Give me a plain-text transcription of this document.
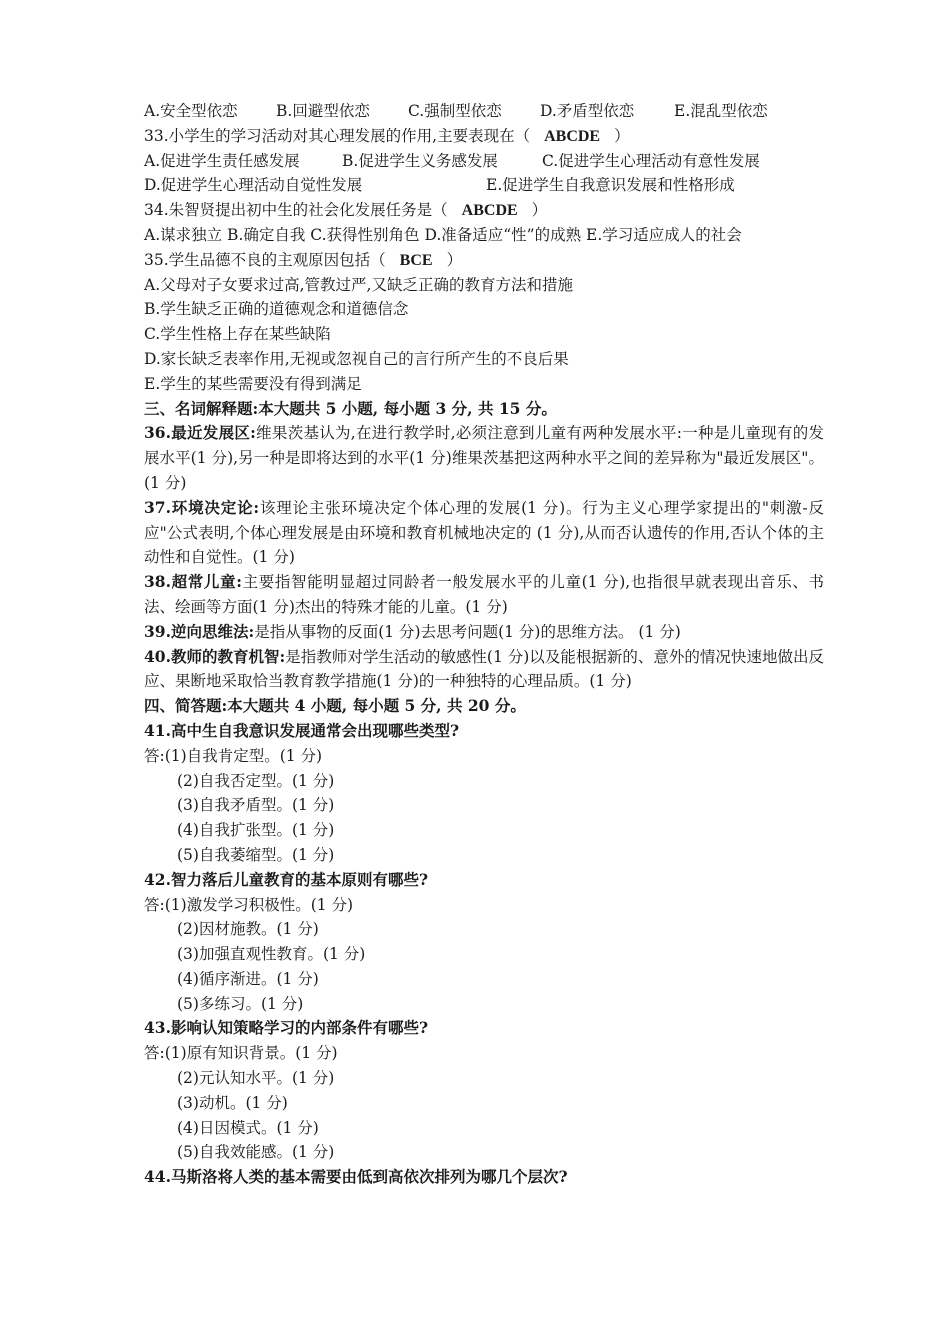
A.安全型依恋 B.回避型依恋 C.强制型依恋 D.矛盾型依恋	E.混乱型依恋
33.小学生的学习活动对其心理发展的作用,主要表现在（ ABCDE ）
A.促进学生责任感发展	B.促进学生义务感发展	C.促进学生心理活动有意性发展
D.促进学生心理活动自觉性发展	E.促进学生自我意识发展和性格形成
34.朱智贤提出初中生的社会化发展任务是（ ABCDE ）
A.谋求独立 B.确定自我 C.获得性别角色 D.准备适应“性”的成熟 E.学习适应成人的社会
35.学生品德不良的主观原因包括（ BCE ）
A.父母对子女要求过高,管教过严,又缺乏正确的教育方法和措施
B.学生缺乏正确的道德观念和道德信念
C.学生性格上存在某些缺陷
D.家长缺乏表率作用,无视或忽视自己的言行所产生的不良后果
E.学生的某些需要没有得到满足
三、名词解释题:本大题共 5 小题, 每小题 3 分, 共 15 分。
36.最近发展区:维果茨基认为,在进行教学时,必须注意到儿童有两种发展水平:一种是儿童现有的发展水平(1 分),另一种是即将达到的水平(1 分)维果茨基把这两种水平之间的差异称为"最近发展区"。(1 分)
37.环境决定论:该理论主张环境决定个体心理的发展(1 分)。行为主义心理学家提出的"刺激-反应"公式表明,个体心理发展是由环境和教育机械地决定的 (1 分),从而否认遗传的作用,否认个体的主动性和自觉性。(1 分)
38.超常儿童:主要指智能明显超过同龄者一般发展水平的儿童(1 分),也指很早就表现出音乐、书法、绘画等方面(1 分)杰出的特殊才能的儿童。(1 分)
39.逆向思维法:是指从事物的反面(1 分)去思考问题(1 分)的思维方法。 (1 分)
40.教师的教育机智:是指教师对学生活动的敏感性(1 分)以及能根据新的、意外的情况快速地做出反应、果断地采取恰当教育教学措施(1 分)的一种独特的心理品质。(1 分)
四、简答题:本大题共 4 小题, 每小题 5 分, 共 20 分。
41.高中生自我意识发展通常会出现哪些类型?
答:(1)自我肯定型。(1 分)
(2)自我否定型。(1 分)
(3)自我矛盾型。(1 分)
(4)自我扩张型。(1 分)
(5)自我萎缩型。(1 分)
42.智力落后儿童教育的基本原则有哪些?
答:(1)激发学习积极性。(1 分)
(2)因材施教。(1 分)
(3)加强直观性教育。(1 分)
(4)循序渐进。(1 分)
(5)多练习。(1 分)
43.影响认知策略学习的内部条件有哪些?
答:(1)原有知识背景。(1 分)
(2)元认知水平。(1 分)
(3)动机。(1 分)
(4)日因模式。(1 分)
(5)自我效能感。(1 分)
44.马斯洛将人类的基本需要由低到高依次排列为哪几个层次?
